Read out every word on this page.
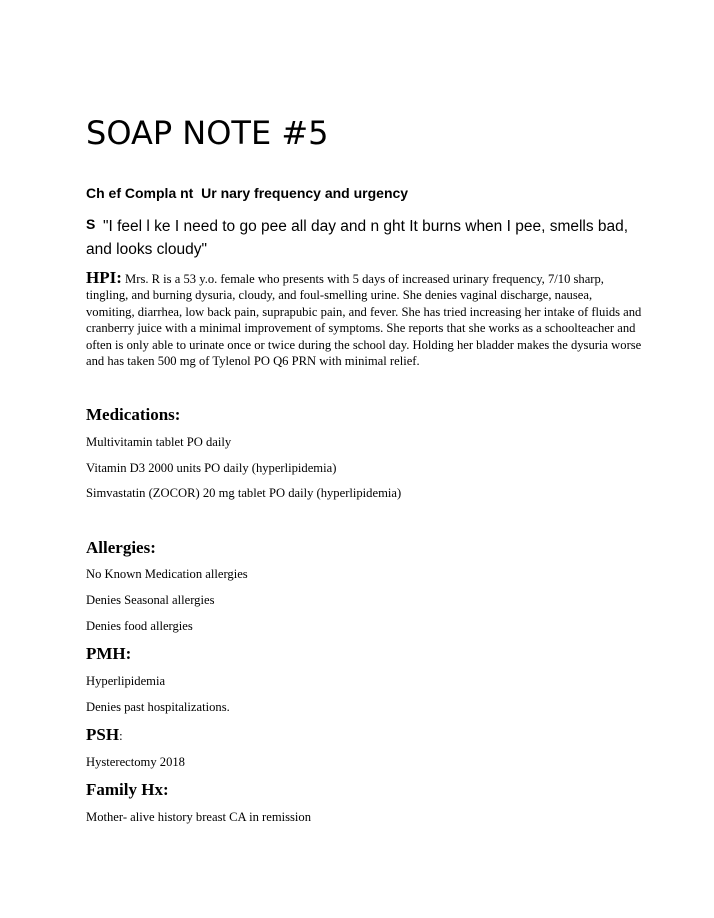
SOAP NOTE #5
Ch ef Compla nt Ur nary frequency and urgency
S "I feel l ke I need to go pee all day and n ght It burns when I pee, smells bad,
and looks cloudy"
HPI: Mrs. R is a 53 y.o. female who presents with 5 days of increased urinary frequency, 7/10 sharp, tingling, and burning dysuria, cloudy, and foul-smelling urine. She denies vaginal discharge, nausea, vomiting, diarrhea, low back pain, suprapubic pain, and fever. She has tried increasing her intake of fluids and cranberry juice with a minimal improvement of symptoms. She reports that she works as a schoolteacher and often is only able to urinate once or twice during the school day. Holding her bladder makes the dysuria worse and has taken 500 mg of Tylenol PO Q6 PRN with minimal relief.
Medications:
Multivitamin tablet PO daily
Vitamin D3 2000 units PO daily (hyperlipidemia)
Simvastatin (ZOCOR) 20 mg tablet PO daily (hyperlipidemia)
Allergies:
No Known Medication allergies
Denies Seasonal allergies
Denies food allergies
PMH:
Hyperlipidemia
Denies past hospitalizations.
PSH:
Hysterectomy 2018
Family Hx:
Mother- alive history breast CA in remission
